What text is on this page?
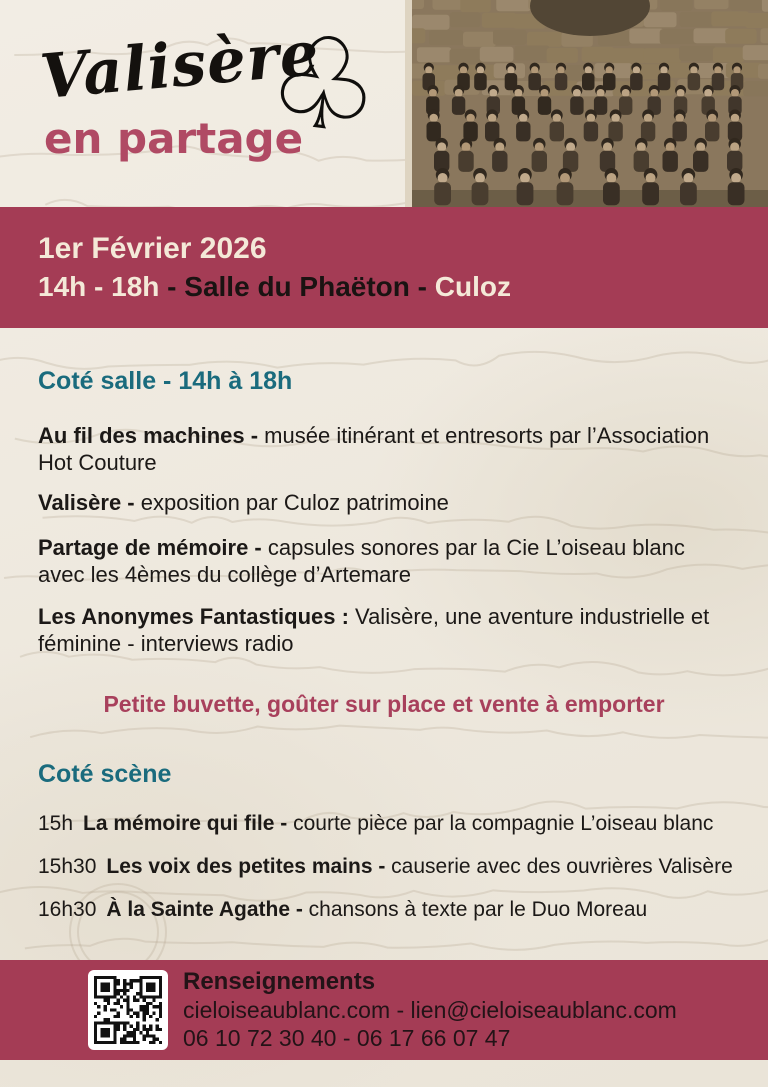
Valisère
en partage
♧
1er Février 2026
14h - 18h - Salle du Phaëton - Culoz
Coté salle - 14h à 18h

Au fil des machines - musée itinérant et entresorts par l’Association Hot Couture

Valisère - exposition par Culoz patrimoine

Partage de mémoire - capsules sonores par la Cie L’oiseau blanc avec les 4èmes du collège d’Artemare

Les Anonymes Fantastiques : Valisère, une aventure industrielle et féminine - interviews radio

Petite buvette, goûter sur place et vente à emporter

Coté scène

15h La mémoire qui file - courte pièce par la compagnie L’oiseau blanc

15h30 Les voix des petites mains - causerie avec des ouvrières Valisère

16h30 À la Sainte Agathe - chansons à texte par le Duo Moreau

Renseignements
cieloiseaublanc.com - lien@cieloiseaublanc.com
06 10 72 30 40 - 06 17 66 07 47
